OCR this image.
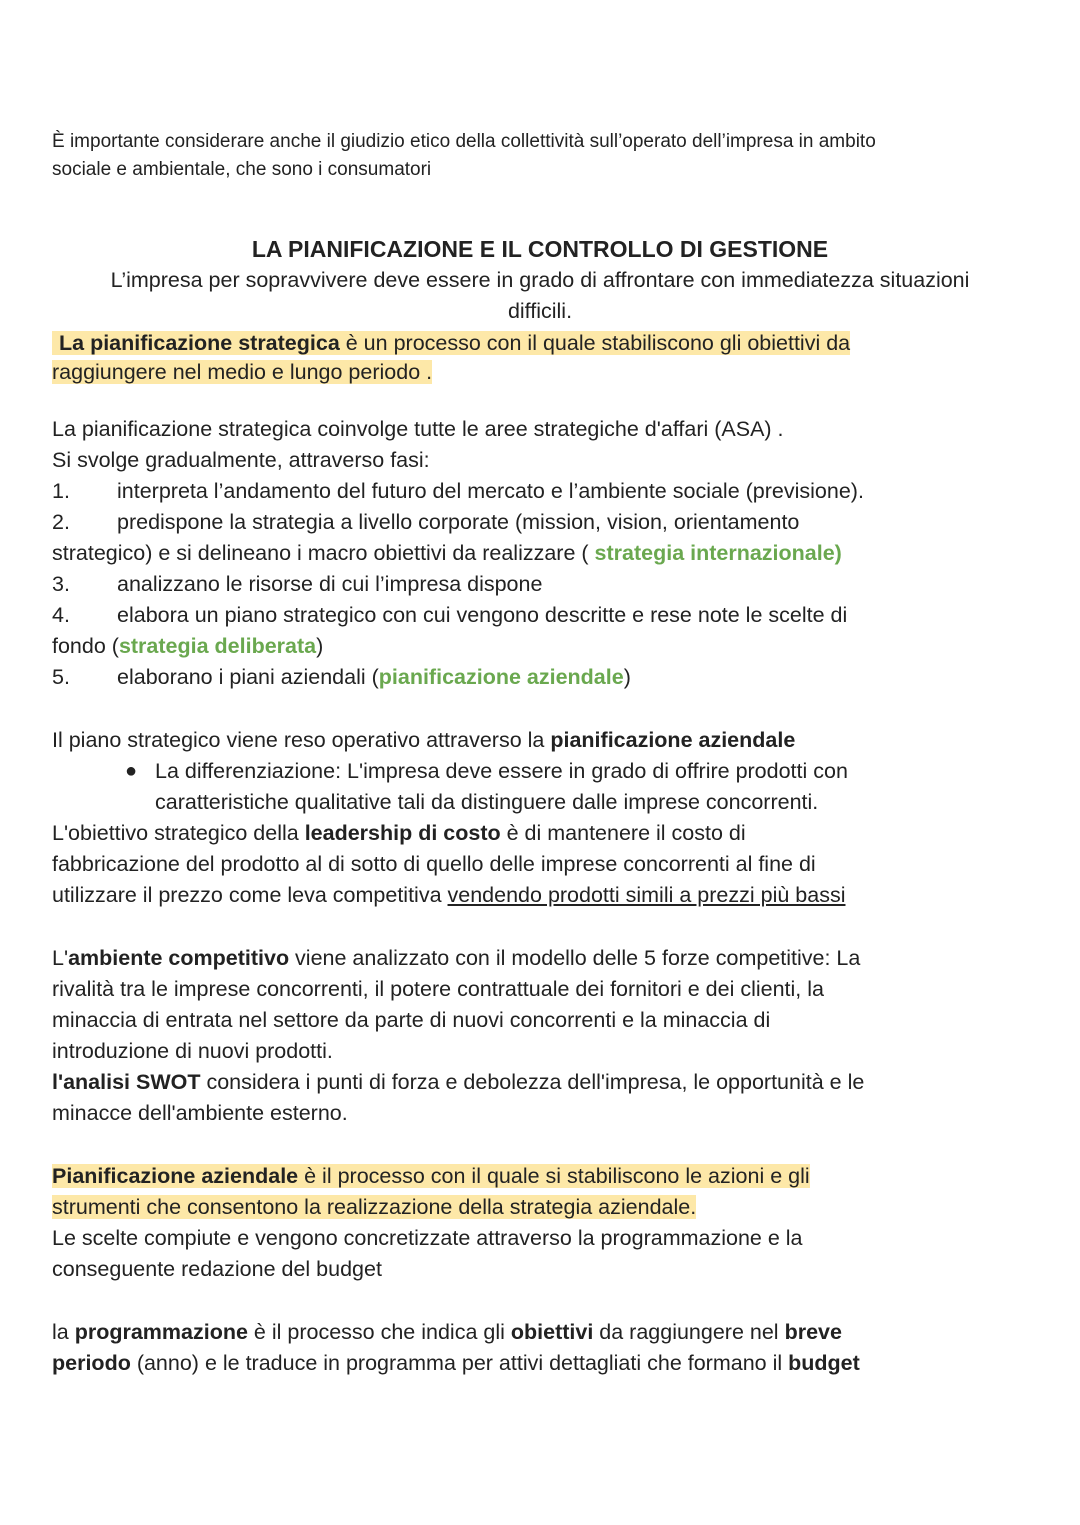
È importante considerare anche il giudizio etico della collettività sull’operato dell’impresa in ambito
sociale e ambientale, che sono i consumatori
LA PIANIFICAZIONE E IL CONTROLLO DI GESTIONE
L’impresa per sopravvivere deve essere in grado di affrontare con immediatezza situazioni
difficili.
La pianificazione strategica è un processo con il quale stabiliscono gli obiettivi da
raggiungere nel medio e lungo periodo .
La pianificazione strategica coinvolge tutte le aree strategiche d'affari (ASA) .
Si svolge gradualmente, attraverso fasi:
1. interpreta l’andamento del futuro del mercato e l’ambiente sociale (previsione).
2. predispone la strategia a livello corporate (mission, vision, orientamento
strategico) e si delineano i macro obiettivi da realizzare ( strategia internazionale)
3. analizzano le risorse di cui l’impresa dispone
4. elabora un piano strategico con cui vengono descritte e rese note le scelte di
fondo (strategia deliberata)
5. elaborano i piani aziendali (pianificazione aziendale)
Il piano strategico viene reso operativo attraverso la pianificazione aziendale
● La differenziazione: L'impresa deve essere in grado di offrire prodotti con
caratteristiche qualitative tali da distinguere dalle imprese concorrenti.
L'obiettivo strategico della leadership di costo è di mantenere il costo di
fabbricazione del prodotto al di sotto di quello delle imprese concorrenti al fine di
utilizzare il prezzo come leva competitiva vendendo prodotti simili a prezzi più bassi
L'ambiente competitivo viene analizzato con il modello delle 5 forze competitive: La
rivalità tra le imprese concorrenti, il potere contrattuale dei fornitori e dei clienti, la
minaccia di entrata nel settore da parte di nuovi concorrenti e la minaccia di
introduzione di nuovi prodotti.
l'analisi SWOT considera i punti di forza e debolezza dell'impresa, le opportunità e le
minacce dell'ambiente esterno.
Pianificazione aziendale è il processo con il quale si stabiliscono le azioni e gli
strumenti che consentono la realizzazione della strategia aziendale.
Le scelte compiute e vengono concretizzate attraverso la programmazione e la
conseguente redazione del budget
la programmazione è il processo che indica gli obiettivi da raggiungere nel breve
periodo (anno) e le traduce in programma per attivi dettagliati che formano il budget
